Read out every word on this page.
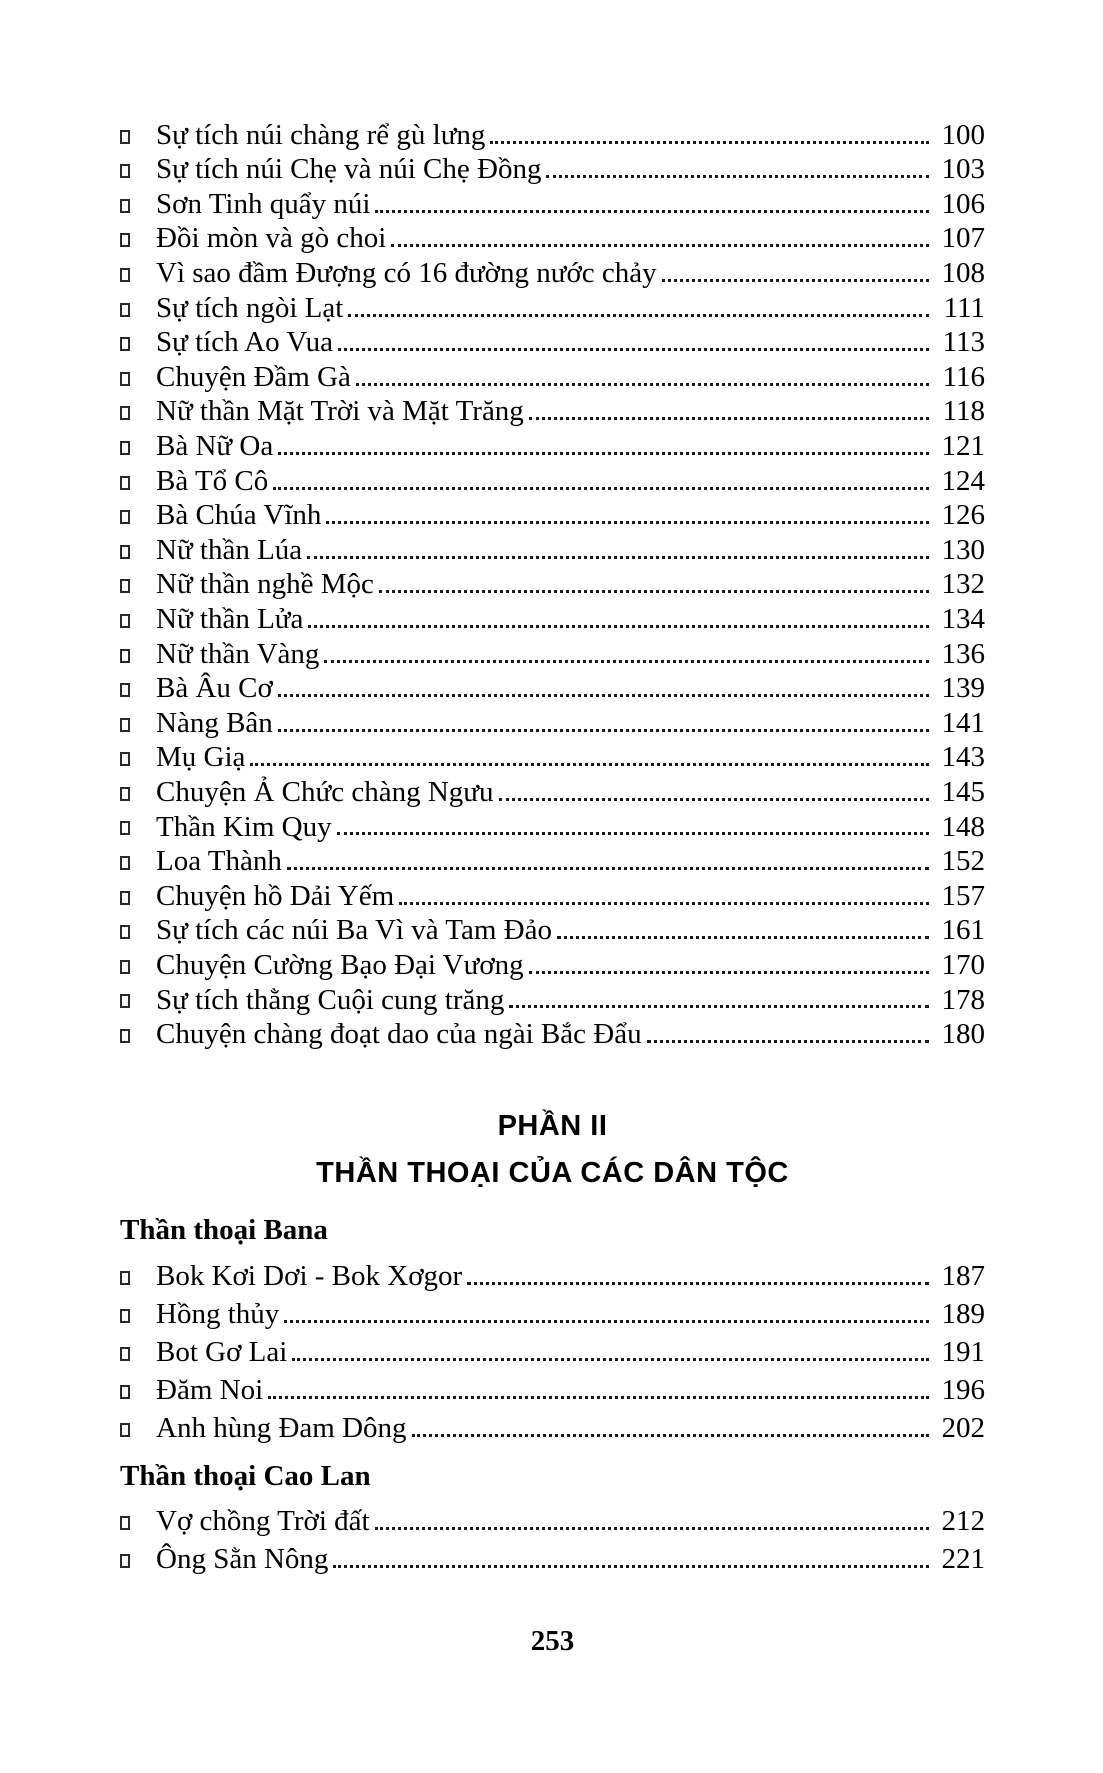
Sự tích núi chàng rể gù lưng	100
Sự tích núi Chẹ và núi Chẹ Đồng	103
Sơn Tinh quẩy núi	106
Đồi mòn và gò choi	107
Vì sao đầm Đượng có 16 đường nước chảy	108
Sự tích ngòi Lạt	111
Sự tích Ao Vua	113
Chuyện Đầm Gà	116
Nữ thần Mặt Trời và Mặt Trăng	118
Bà Nữ Oa	121
Bà Tổ Cô	124
Bà Chúa Vĩnh	126
Nữ thần Lúa	130
Nữ thần nghề Mộc	132
Nữ thần Lửa	134
Nữ thần Vàng	136
Bà Âu Cơ	139
Nàng Bân	141
Mụ Giạ	143
Chuyện Ả Chức chàng Ngưu	145
Thần Kim Quy	148
Loa Thành	152
Chuyện hồ Dải Yếm	157
Sự tích các núi Ba Vì và Tam Đảo	161
Chuyện Cường Bạo Đại Vương	170
Sự tích thằng Cuội cung trăng	178
Chuyện chàng đoạt dao của ngài Bắc Đẩu	180
PHẦN II
THẦN THOẠI CỦA CÁC DÂN TỘC
Thần thoại Bana
Bok Kơi Dơi - Bok Xơgor	187
Hồng thủy	189
Bot Gơ Lai	191
Đăm Noi	196
Anh hùng Đam Dông	202
Thần thoại Cao Lan
Vợ chồng Trời đất	212
Ông Sằn Nông	221
253
